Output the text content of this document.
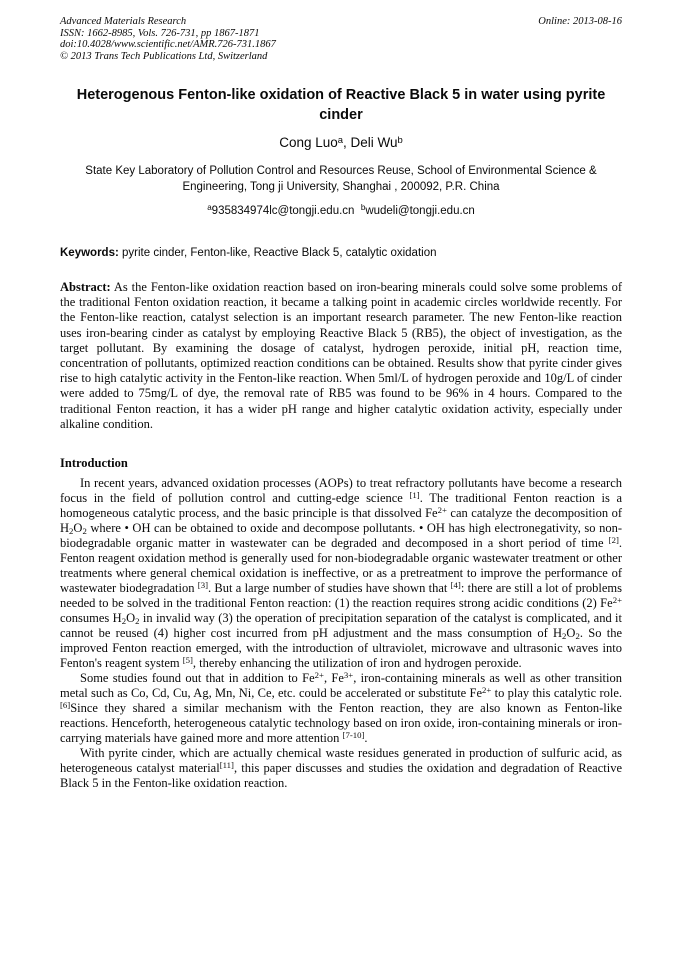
Advanced Materials Research
ISSN: 1662-8985, Vols. 726-731, pp 1867-1871
doi:10.4028/www.scientific.net/AMR.726-731.1867
© 2013 Trans Tech Publications Ltd, Switzerland
Online: 2013-08-16
Heterogenous Fenton-like oxidation of Reactive Black 5 in water using pyrite cinder
Cong Luo$^a$, Deli Wu$^b$
State Key Laboratory of Pollution Control and Resources Reuse, School of Environmental Science & Engineering, Tong ji University, Shanghai , 200092, P.R. China
$^a$935834974lc@tongji.edu.cn  $^b$wudeli@tongji.edu.cn
Keywords: pyrite cinder, Fenton-like, Reactive Black 5, catalytic oxidation

Abstract: As the Fenton-like oxidation reaction based on iron-bearing minerals could solve some problems of the traditional Fenton oxidation reaction, it became a talking point in academic circles worldwide recently. For the Fenton-like reaction, catalyst selection is an important research parameter. The new Fenton-like reaction uses iron-bearing cinder as catalyst by employing Reactive Black 5 (RB5), the object of investigation, as the target pollutant. By examining the dosage of catalyst, hydrogen peroxide, initial pH, reaction time, concentration of pollutants, optimized reaction conditions can be obtained. Results show that pyrite cinder gives rise to high catalytic activity in the Fenton-like reaction. When 5ml/L of hydrogen peroxide and 10g/L of cinder were added to 75mg/L of dye, the removal rate of RB5 was found to be 96% in 4 hours. Compared to the traditional Fenton reaction, it has a wider pH range and higher catalytic oxidation activity, especially under alkaline condition.

Introduction

In recent years, advanced oxidation processes (AOPs) to treat refractory pollutants have become a research focus in the field of pollution control and cutting-edge science [1]. The traditional Fenton reaction is a homogeneous catalytic process, and the basic principle is that dissolved $Fe^{2+}$ can catalyze the decomposition of $H_2O_2$ where • OH can be obtained to oxide and decompose pollutants. • OH has high electronegativity, so non-biodegradable organic matter in wastewater can be degraded and decomposed in a short period of time [2]. Fenton reagent oxidation method is generally used for non-biodegradable organic wastewater treatment or other treatments where general chemical oxidation is ineffective, or as a pretreatment to improve the performance of wastewater biodegradation [3]. But a large number of studies have shown that [4]: there are still a lot of problems needed to be solved in the traditional Fenton reaction: (1) the reaction requires strong acidic conditions (2) $Fe^{2+}$ consumes $H_2O_2$ in invalid way (3) the operation of precipitation separation of the catalyst is complicated, and it cannot be reused (4) higher cost incurred from pH adjustment and the mass consumption of $H_2O_2$. So the improved Fenton reaction emerged, with the introduction of ultraviolet, microwave and ultrasonic waves into Fenton's reagent system [5], thereby enhancing the utilization of iron and hydrogen peroxide.

Some studies found out that in addition to $Fe^{2+}$, $Fe^{3+}$, iron-containing minerals as well as other transition metal such as Co, Cd, Cu, Ag, Mn, Ni, Ce, etc. could be accelerated or substitute $Fe^{2+}$ to play this catalytic role. [6]Since they shared a similar mechanism with the Fenton reaction, they are also known as Fenton-like reactions. Henceforth, heterogeneous catalytic technology based on iron oxide, iron-containing minerals or iron-carrying materials have gained more and more attention [7-10].

With pyrite cinder, which are actually chemical waste residues generated in production of sulfuric acid, as heterogeneous catalyst material[11], this paper discusses and studies the oxidation and degradation of Reactive Black 5 in the Fenton-like oxidation reaction.
